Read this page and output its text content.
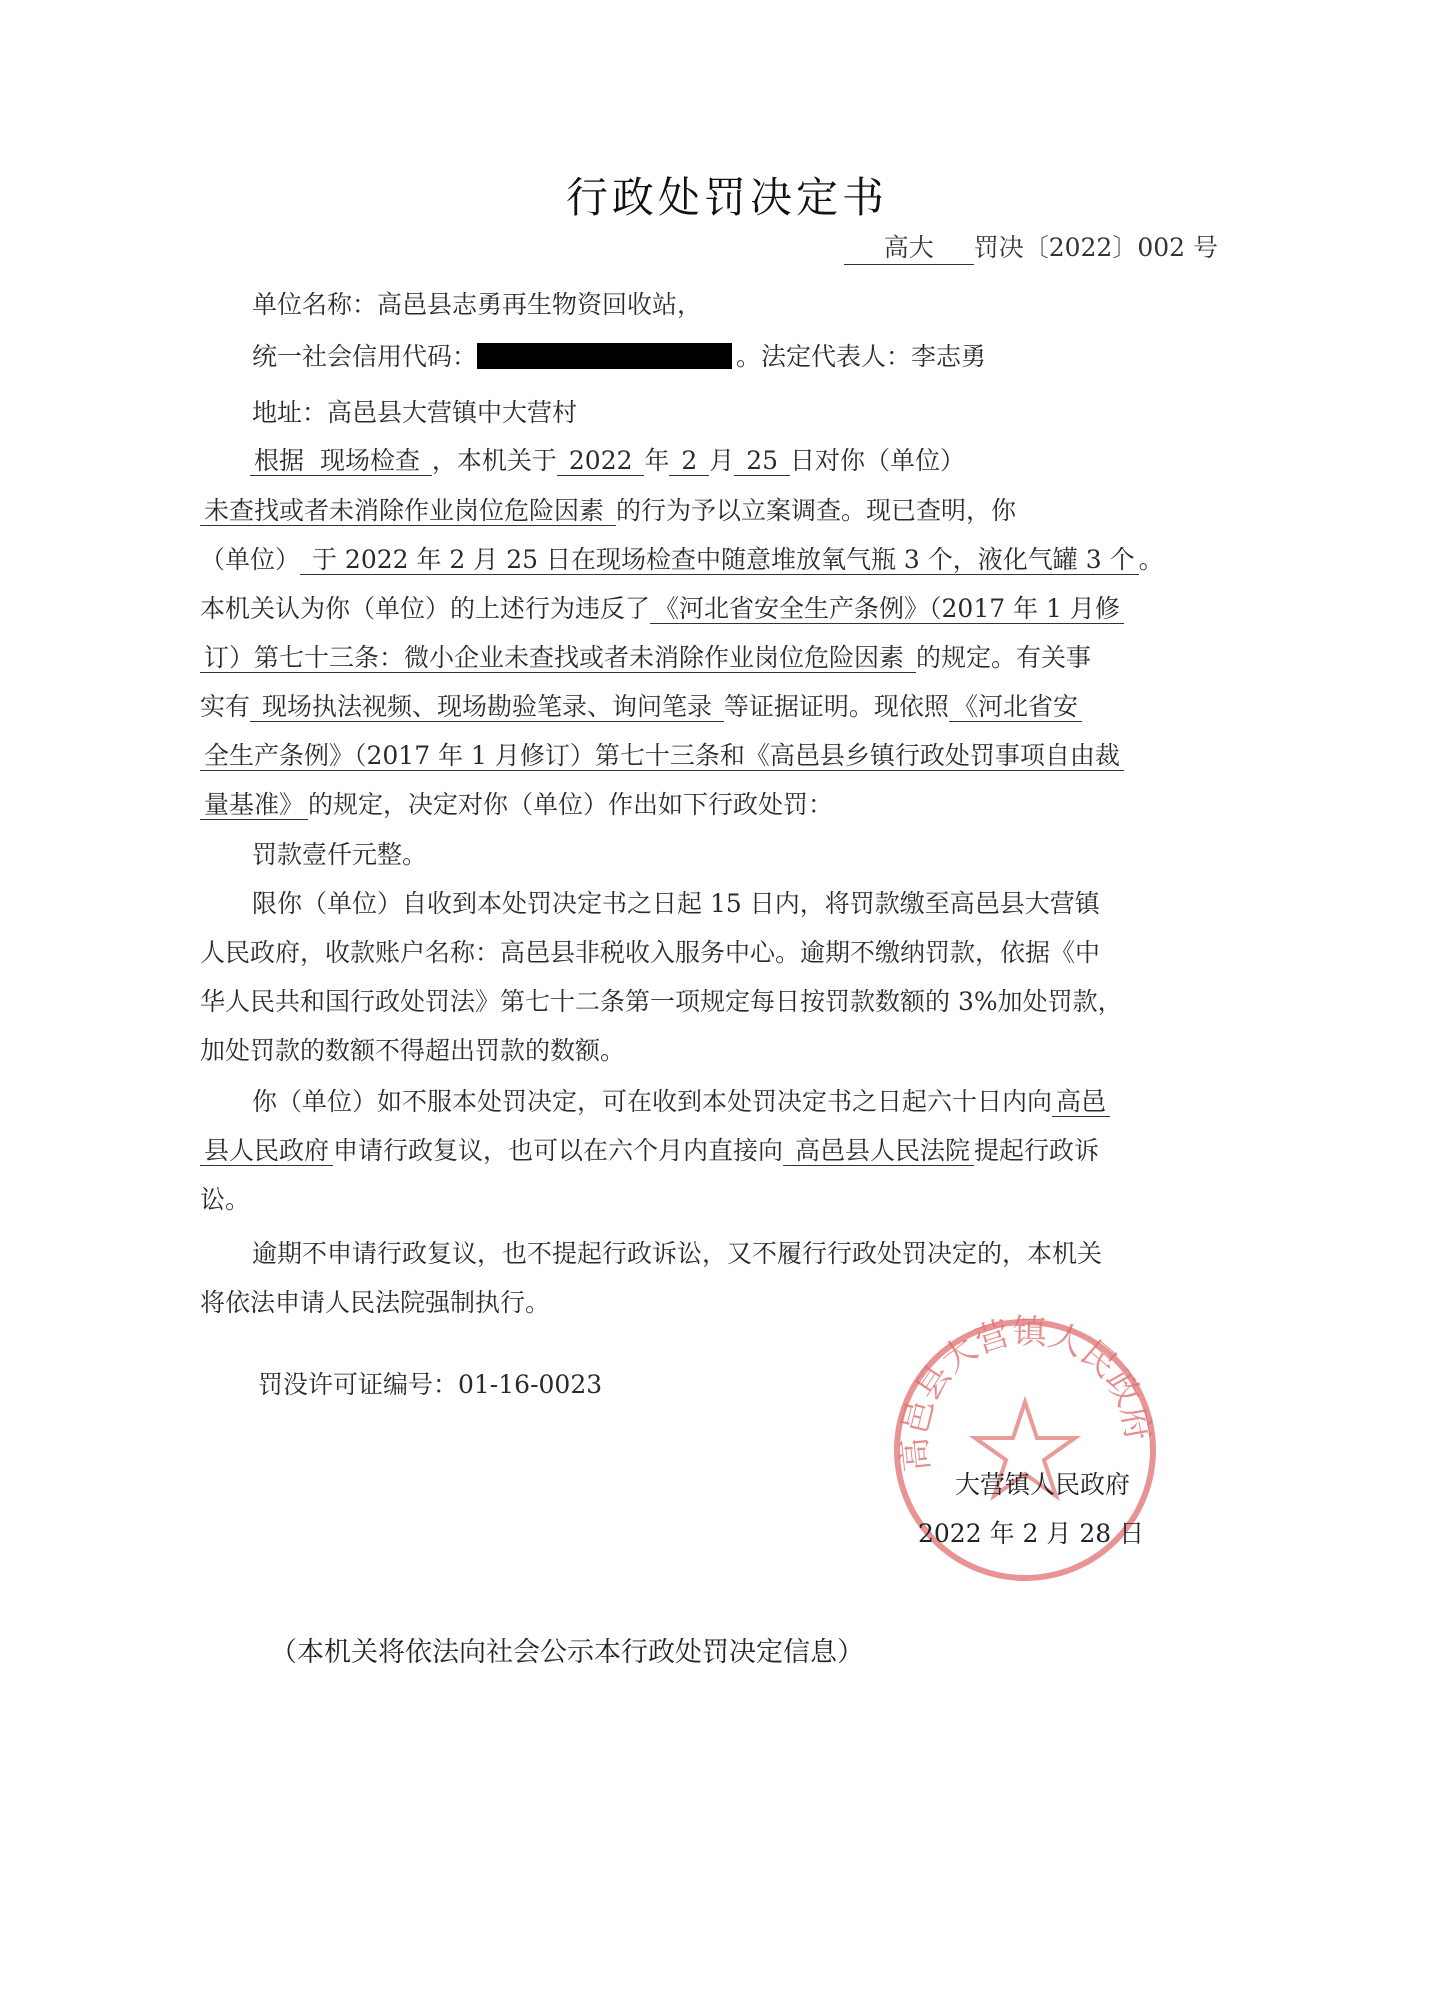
行政处罚决定书
高大 罚决〔2022〕002 号
单位名称：高邑县志勇再生物资回收站，
统一社会信用代码：	。法定代表人：李志勇
地址：高邑县大营镇中大营村
根据 现场检查 ，本机关于 2022 年 2 月 25 日对你（单位）
未查找或者未消除作业岗位危险因素 的行为予以立案调查。现已查明，你
（单位） 于 2022 年 2 月 25 日在现场检查中随意堆放氧气瓶 3 个，液化气罐 3 个 。
本机关认为你（单位）的上述行为违反了 《河北省安全生产条例》（2017 年 1 月修
订）第七十三条：微小企业未查找或者未消除作业岗位危险因素 的规定。有关事
实有 现场执法视频、现场勘验笔录、询问笔录 等证据证明。现依照 《河北省安
全生产条例》（2017 年 1 月修订）第七十三条和《高邑县乡镇行政处罚事项自由裁
量基准》 的规定，决定对你（单位）作出如下行政处罚：
罚款壹仟元整。
限你（单位）自收到本处罚决定书之日起 15 日内，将罚款缴至高邑县大营镇
人民政府，收款账户名称：高邑县非税收入服务中心。逾期不缴纳罚款，依据《中
华人民共和国行政处罚法》第七十二条第一项规定每日按罚款数额的 3%加处罚款，
加处罚款的数额不得超出罚款的数额。
你（单位）如不服本处罚决定，可在收到本处罚决定书之日起六十日内向 高邑
县人民政府 申请行政复议，也可以在六个月内直接向 高邑县人民法院 提起行政诉
讼。
逾期不申请行政复议，也不提起行政诉讼，又不履行行政处罚决定的，本机关
将依法申请人民法院强制执行。
罚没许可证编号：01-16-0023
高邑县大营镇人民政府
大营镇人民政府
2022 年 2 月 28 日
（本机关将依法向社会公示本行政处罚决定信息）
